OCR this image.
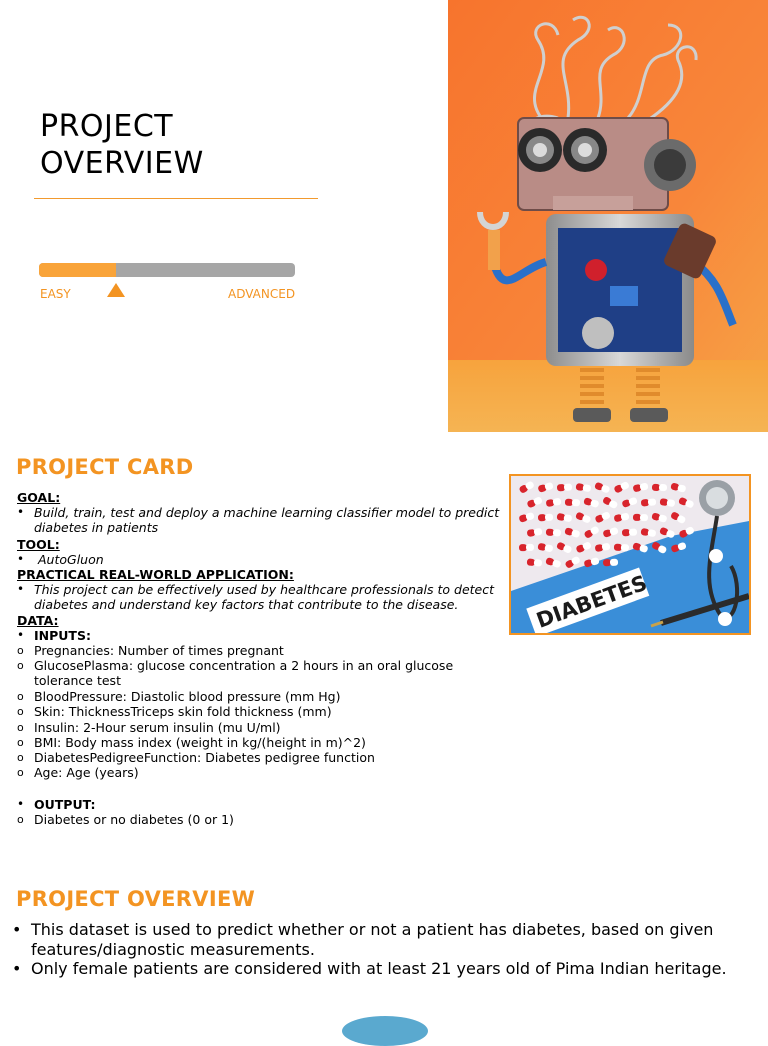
PROJECT
OVERVIEW
EASY	ADVANCED
PROJECT CARD
GOAL:
• Build, train, test and deploy a machine learning classifier model to predict diabetes in patients
TOOL:
• AutoGluon
PRACTICAL REAL-WORLD APPLICATION:
• This project can be effectively used by healthcare professionals to detect diabetes and understand key factors that contribute to the disease.
DATA:
• INPUTS:
o Pregnancies: Number of times pregnant
o GlucosePlasma: glucose concentration a 2 hours in an oral glucose tolerance test
o BloodPressure: Diastolic blood pressure (mm Hg)
o Skin: ThicknessTriceps skin fold thickness (mm)
o Insulin: 2-Hour serum insulin (mu U/ml)
o BMI: Body mass index (weight in kg/(height in m)^2)
o DiabetesPedigreeFunction: Diabetes pedigree function
o Age: Age (years)
• OUTPUT:
o Diabetes or no diabetes (0 or 1)
DIABETES
PROJECT OVERVIEW
• This dataset is used to predict whether or not a patient has diabetes, based on given features/diagnostic measurements.
• Only female patients are considered with at least 21 years old of Pima Indian heritage.
